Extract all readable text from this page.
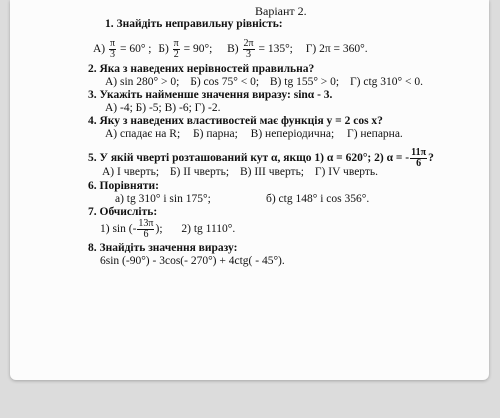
Варіант 2.
1. Знайдіть неправильну рівність:
$А) \frac{\pi}{3} = 60^\circ$ ; $Б) \frac{\pi}{2} = 90^\circ$; $В) \frac{2\pi}{3} = 135^\circ$; Г) 2π = 360°.
2. Яка з наведених нерівностей правильна?
А) sin 280° > 0; Б) cos 75° < 0; В) tg 155° > 0; Г) ctg 310° < 0.
3. Укажіть найменше значення виразу: sinα - 3.
А) -4; Б) -5; В) -6; Г) -2.
4. Яку з наведених властивостей має функція y = 2 cos x?
А) спадає на R; Б) парна; В) неперіодична; Г) непарна.
5. У якій чверті розташований кут α, якщо 1) α = 620°; 2) α = - $\frac{11\pi}{6}$ ?
А) І чверть; Б) ІІ чверть; В) ІІІ чверть; Г) ІV чверть.
6. Порівняти:
а) tg 310° і sin 175°;	б) ctg 148° і cos 356°.
7. Обчисліть:
1) sin (- $\frac{13\pi}{6}$ ); 2) tg 1110°.
8. Знайдіть значення виразу:
6sin (-90°) - 3cos(- 270°) + 4ctg( - 45°).
